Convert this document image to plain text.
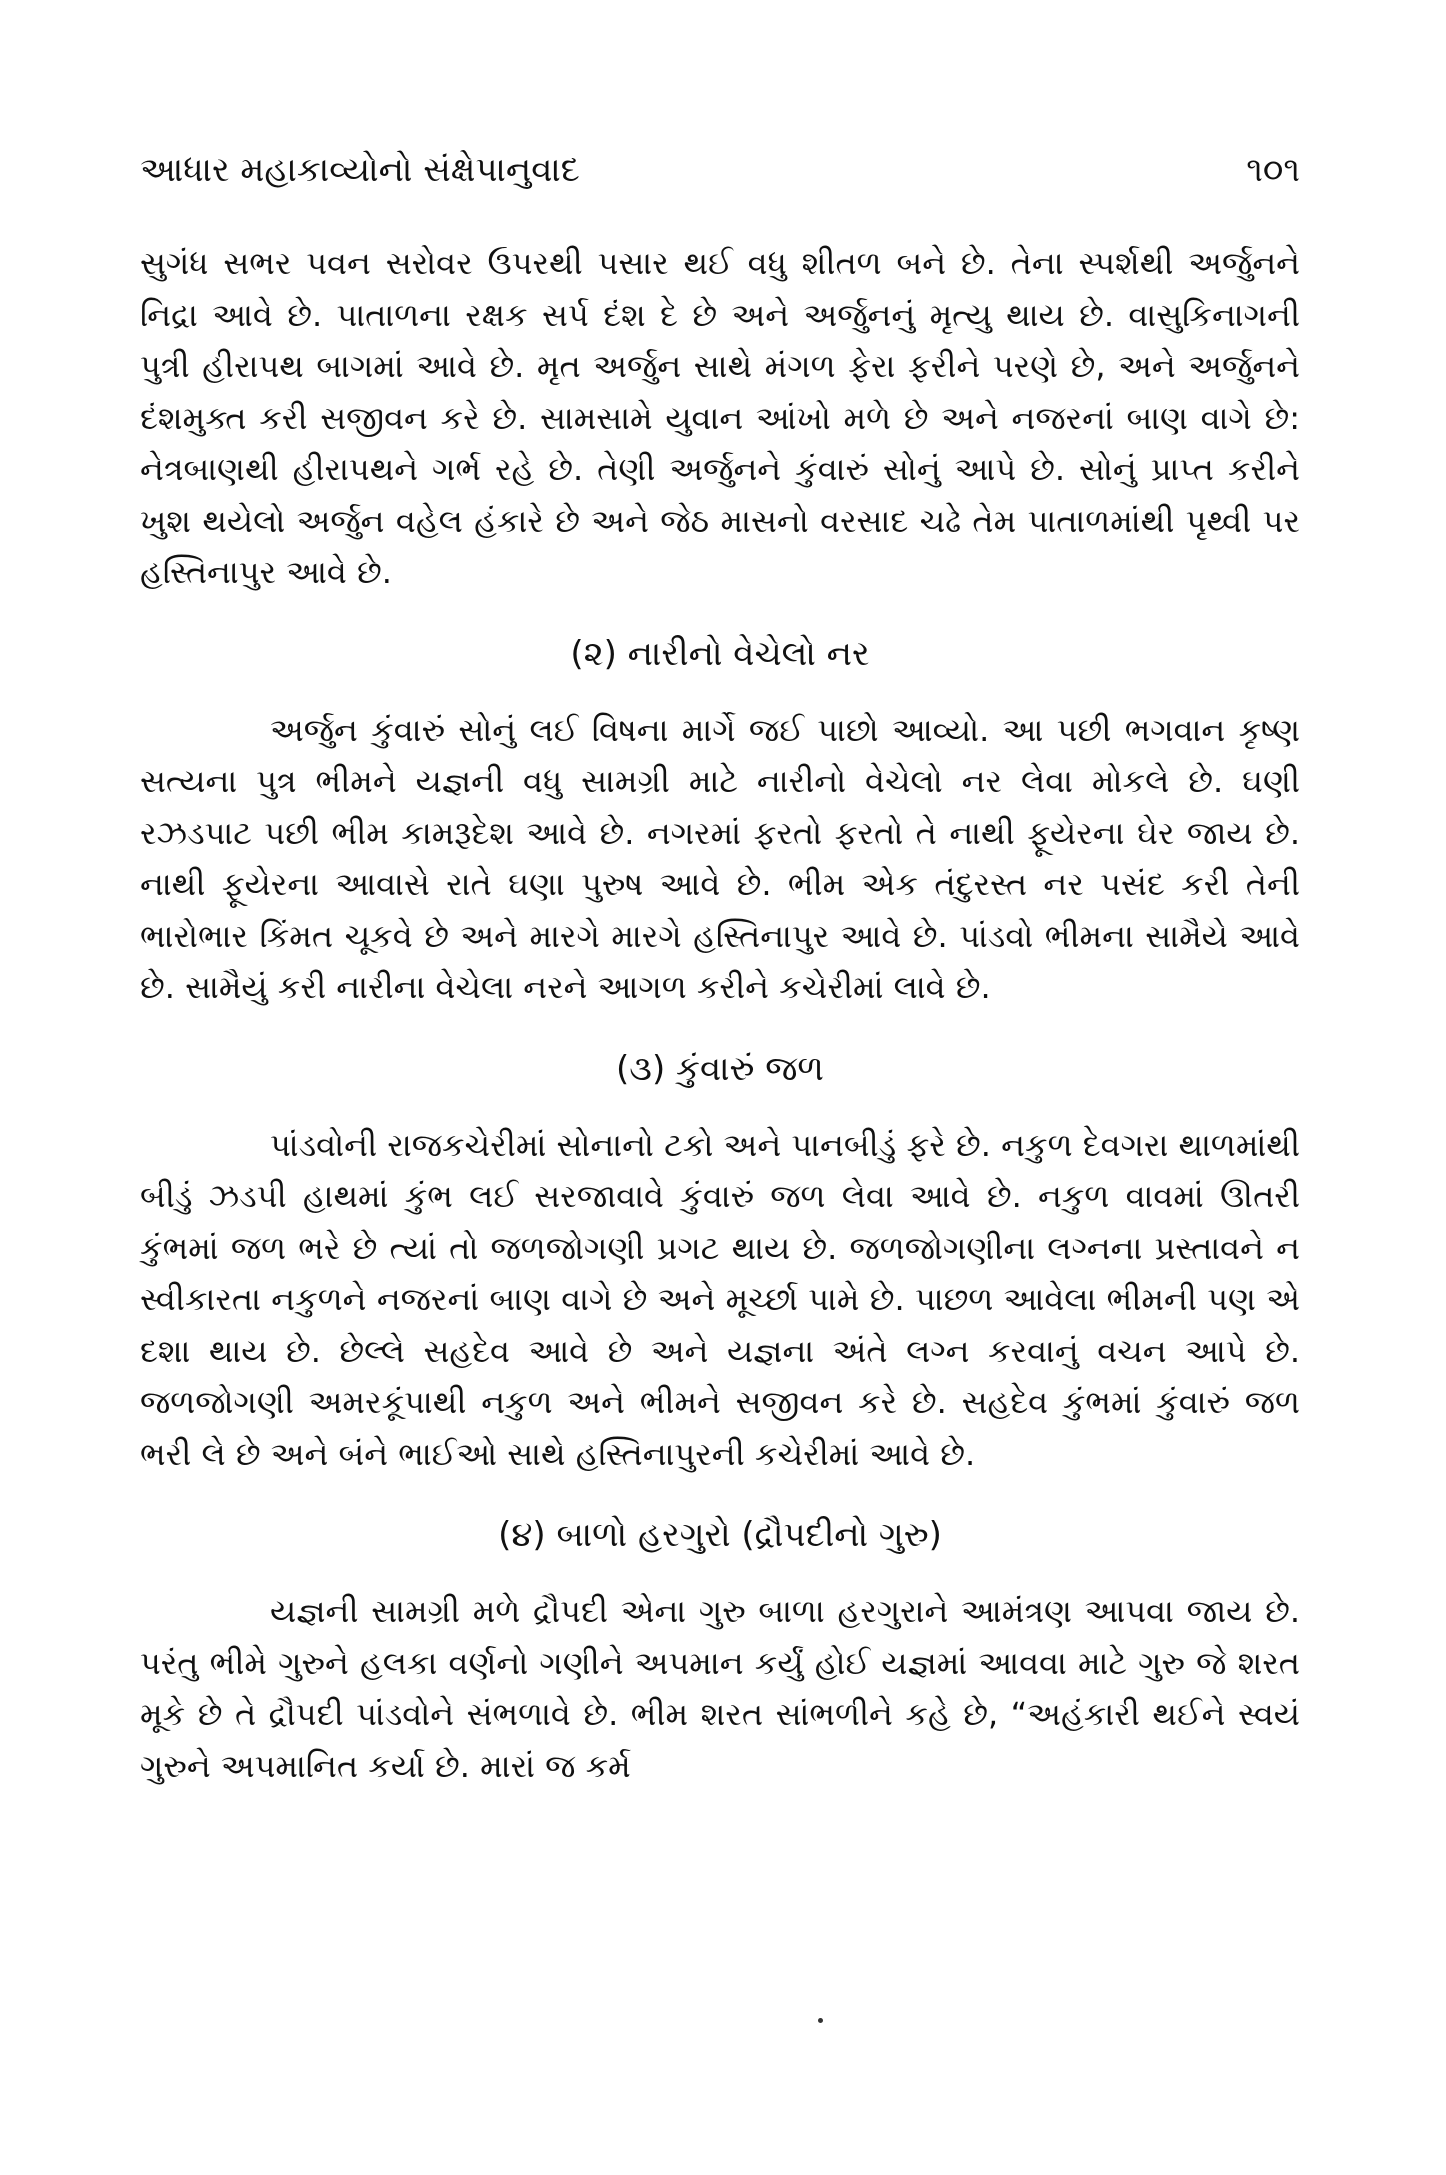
આધાર મહાકાવ્યોનો સંક્ષેપાનુવાદ	૧૦૧

સુગંધ સભર પવન સરોવર ઉપરથી પસાર થઈ વધુ શીતળ બને છે. તેના સ્પર્શથી અર્જુનને નિદ્રા આવે છે. પાતાળના રક્ષક સર્પ દંશ દે છે અને અર્જુનનું મૃત્યુ થાય છે. વાસુકિનાગની પુત્રી હીરાપથ બાગમાં આવે છે. મૃત અર્જુન સાથે મંગળ ફેરા ફરીને પરણે છે, અને અર્જુનને દંશમુક્ત કરી સજીવન કરે છે. સામસામે યુવાન આંખો મળે છે અને નજરનાં બાણ વાગે છે: નેત્રબાણથી હીરાપથને ગર્ભ રહે છે. તેણી અર્જુનને કુંવારું સોનું આપે છે. સોનું પ્રાપ્ત કરીને ખુશ થયેલો અર્જુન વહેલ હંકારે છે અને જેઠ માસનો વરસાદ ચઢે તેમ પાતાળમાંથી પૃથ્વી પર હસ્તિનાપુર આવે છે.

(૨) નારીનો વેચેલો નર

અર્જુન કુંવારું સોનું લઈ વિષના માર્ગે જઈ પાછો આવ્યો. આ પછી ભગવાન કૃષ્ણ સત્યના પુત્ર ભીમને યજ્ઞની વધુ સામગ્રી માટે નારીનો વેચેલો નર લેવા મોકલે છે. ઘણી રઝડપાટ પછી ભીમ કામરૂદેશ આવે છે. નગરમાં ફરતો ફરતો તે નાથી ફૂયેરના ઘેર જાય છે. નાથી ફૂયેરના આવાસે રાતે ઘણા પુરુષ આવે છે. ભીમ એક તંદુરસ્ત નર પસંદ કરી તેની ભારોભાર કિંમત ચૂકવે છે અને મારગે મારગે હસ્તિનાપુર આવે છે. પાંડવો ભીમના સામૈયે આવે છે. સામૈયું કરી નારીના વેચેલા નરને આગળ કરીને કચેરીમાં લાવે છે.

(૩) કુંવારું જળ

પાંડવોની રાજકચેરીમાં સોનાનો ટકો અને પાનબીડું ફરે છે. નકુળ દેવગરા થાળમાંથી બીડું ઝડપી હાથમાં કુંભ લઈ સરજાવાવે કુંવારું જળ લેવા આવે છે. નકુળ વાવમાં ઊતરી કુંભમાં જળ ભરે છે ત્યાં તો જળજોગણી પ્રગટ થાય છે. જળજોગણીના લગ્નના પ્રસ્તાવને ન સ્વીકારતા નકુળને નજરનાં બાણ વાગે છે અને મૂર્ચ્છા પામે છે. પાછળ આવેલા ભીમની પણ એ દશા થાય છે. છેલ્લે સહદેવ આવે છે અને યજ્ઞના અંતે લગ્ન કરવાનું વચન આપે છે. જળજોગણી અમરકૂંપાથી નકુળ અને ભીમને સજીવન કરે છે. સહદેવ કુંભમાં કુંવારું જળ ભરી લે છે અને બંને ભાઈઓ સાથે હસ્તિનાપુરની કચેરીમાં આવે છે.

(૪) બાળો હરગુરો (દ્રૌપદીનો ગુરુ)

યજ્ઞની સામગ્રી મળે દ્રૌપદી એના ગુરુ બાળા હરગુરાને આમંત્રણ આપવા જાય છે. પરંતુ ભીમે ગુરુને હલકા વર્ણનો ગણીને અપમાન કર્યું હોઈ યજ્ઞમાં આવવા માટે ગુરુ જે શરત મૂકે છે તે દ્રૌપદી પાંડવોને સંભળાવે છે. ભીમ શરત સાંભળીને કહે છે, “અહંકારી થઈને સ્વયં ગુરુને અપમાનિત કર્યા છે. મારાં જ કર્મ
